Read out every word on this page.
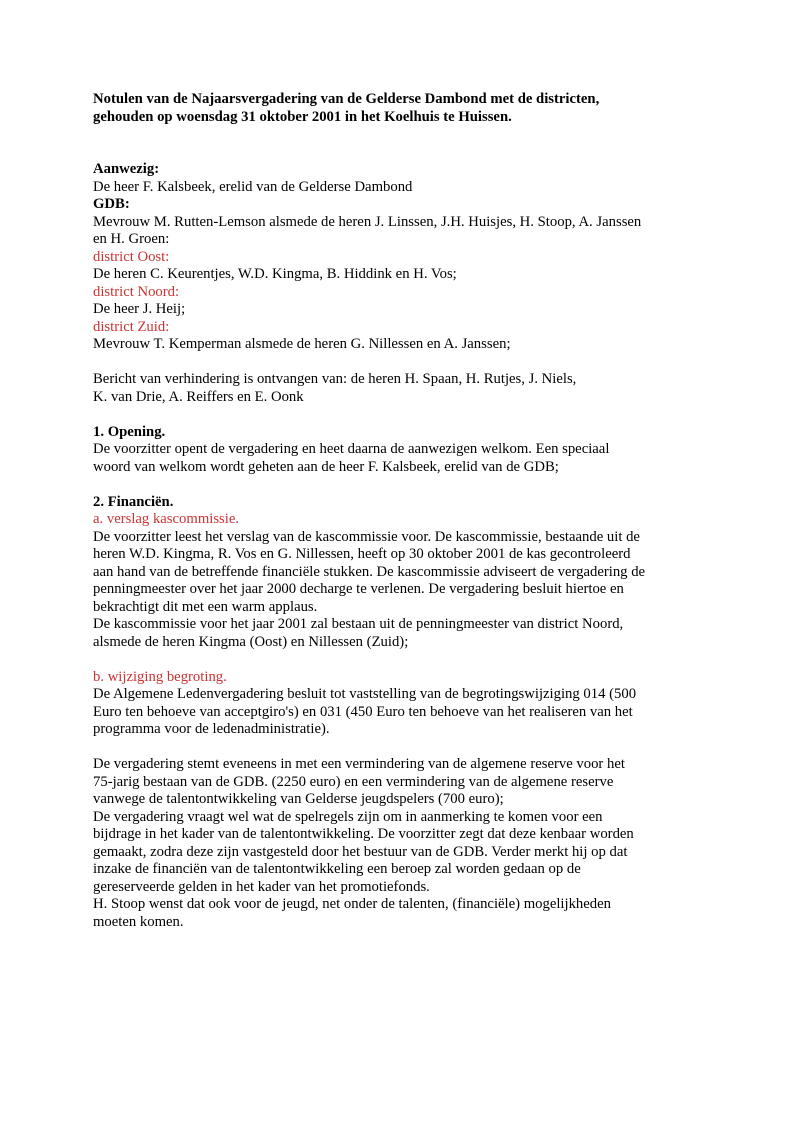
Notulen van de Najaarsvergadering van de Gelderse Dambond met de districten,
gehouden op woensdag 31 oktober 2001 in het Koelhuis te Huissen.
Aanwezig:
De heer F. Kalsbeek, erelid van de Gelderse Dambond
GDB:
Mevrouw M. Rutten-Lemson alsmede de heren J. Linssen, J.H. Huisjes, H. Stoop, A. Janssen
en H. Groen:
district Oost:
De heren C. Keurentjes, W.D. Kingma, B. Hiddink en H. Vos;
district Noord:
De heer J. Heij;
district Zuid:
Mevrouw T. Kemperman alsmede de heren G. Nillessen en A. Janssen;
Bericht van verhindering is ontvangen van: de heren H. Spaan, H. Rutjes, J. Niels,
K. van Drie, A. Reiffers en E. Oonk
1. Opening.
De voorzitter opent de vergadering en heet daarna de aanwezigen welkom. Een speciaal
woord van welkom wordt geheten aan de heer F. Kalsbeek, erelid van de GDB;
2. Financiën.
a. verslag kascommissie.
De voorzitter leest het verslag van de kascommissie voor. De kascommissie, bestaande uit de
heren W.D. Kingma, R. Vos en G. Nillessen, heeft op 30 oktober 2001 de kas gecontroleerd
aan hand van de betreffende financiële stukken. De kascommissie adviseert de vergadering de
penningmeester over het jaar 2000 decharge te verlenen. De vergadering besluit hiertoe en
bekrachtigt dit met een warm applaus.
De kascommissie voor het jaar 2001 zal bestaan uit de penningmeester van district Noord,
alsmede de heren Kingma (Oost) en Nillessen (Zuid);
b. wijziging begroting.
De Algemene Ledenvergadering besluit tot vaststelling van de begrotingswijziging 014 (500
Euro ten behoeve van acceptgiro's) en 031 (450 Euro ten behoeve van het realiseren van het
programma voor de ledenadministratie).
De vergadering stemt eveneens in met een vermindering van de algemene reserve voor het
75-jarig bestaan van de GDB. (2250 euro) en een vermindering van de algemene reserve
vanwege de talentontwikkeling van Gelderse jeugdspelers (700 euro);
De vergadering vraagt wel wat de spelregels zijn om in aanmerking te komen voor een
bijdrage in het kader van de talentontwikkeling. De voorzitter zegt dat deze kenbaar worden
gemaakt, zodra deze zijn vastgesteld door het bestuur van de GDB. Verder merkt hij op dat
inzake de financiën van de talentontwikkeling een beroep zal worden gedaan op de
gereserveerde gelden in het kader van het promotiefonds.
H. Stoop wenst dat ook voor de jeugd, net onder de talenten, (financiële) mogelijkheden
moeten komen.
